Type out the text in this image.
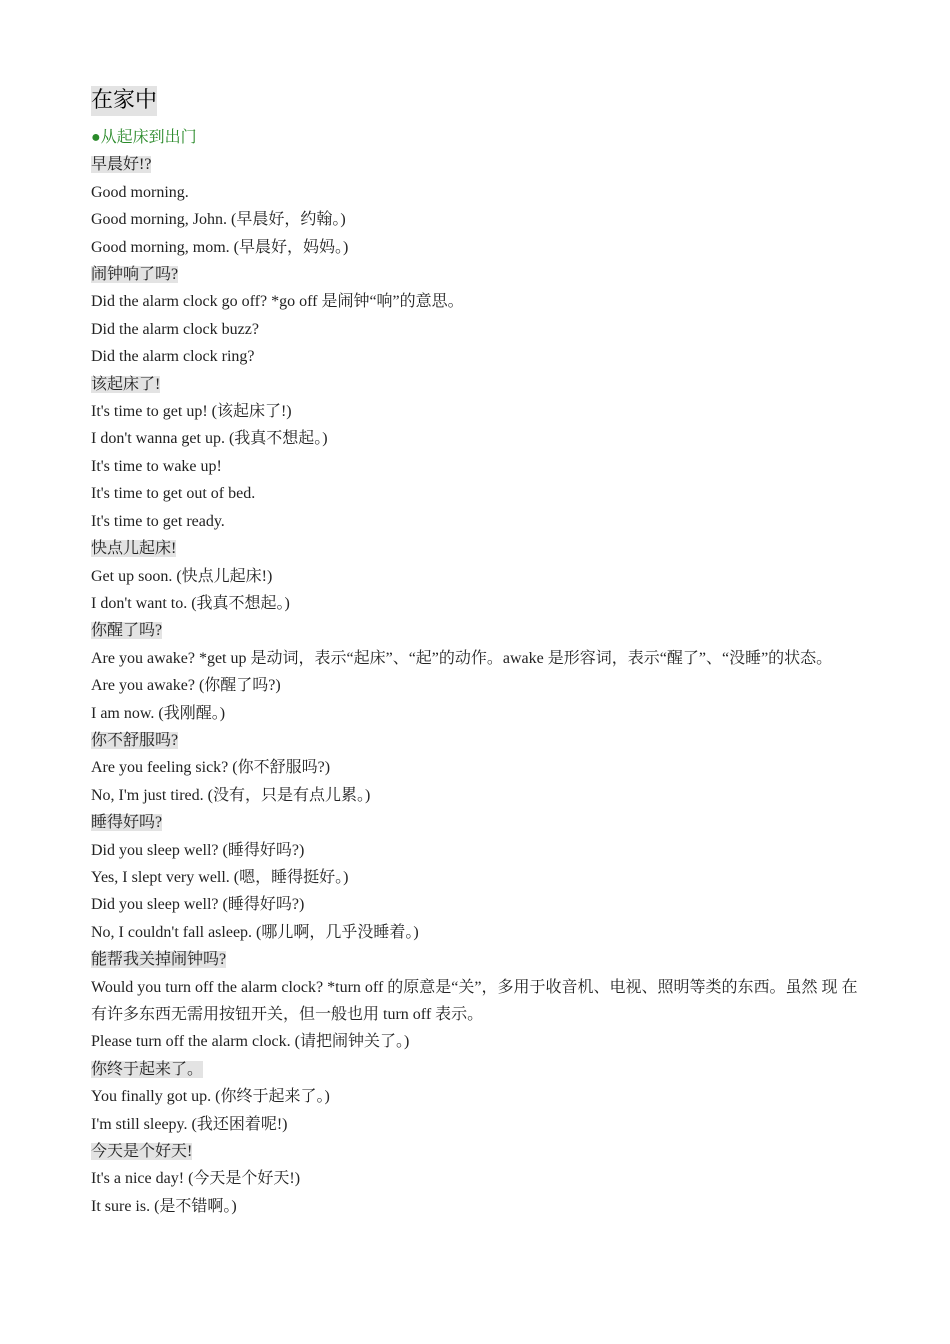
在家中
●从起床到出门
早晨好!?
Good morning.
Good morning, John. (早晨好，约翰。)
Good morning, mom. (早晨好，妈妈。)
闹钟响了吗?
Did the alarm clock go off? *go off 是闹钟“响”的意思。
Did the alarm clock buzz?
Did the alarm clock ring?
该起床了!
It's time to get up! (该起床了!)
I don't wanna get up. (我真不想起。)
It's time to wake up!
It's time to get out of bed.
It's time to get ready.
快点儿起床!
Get up soon. (快点儿起床!)
I don't want to. (我真不想起。)
你醒了吗?
Are you awake? *get up 是动词，表示“起床”、“起”的动作。awake 是形容词，表示“醒了”、“没睡”的状态。
Are you awake? (你醒了吗?)
I am now. (我刚醒。)
你不舒服吗?
Are you feeling sick? (你不舒服吗?)
No, I'm just tired. (没有，只是有点儿累。)
睡得好吗?
Did you sleep well? (睡得好吗?)
Yes, I slept very well. (嗯，睡得挺好。)
Did you sleep well? (睡得好吗?)
No, I couldn't fall asleep. (哪儿啊，几乎没睡着。)
能帮我关掉闹钟吗?
Would you turn off the alarm clock? *turn off 的原意是“关”，多用于收音机、电视、照明等类的东西。虽然 现 在有许多东西无需用按钮开关，但一般也用 turn off 表示。
Please turn off the alarm clock. (请把闹钟关了。)
你终于起来了。
You finally got up. (你终于起来了。)
I'm still sleepy. (我还困着呢!)
今天是个好天!
It's a nice day! (今天是个好天!)
It sure is. (是不错啊。)
